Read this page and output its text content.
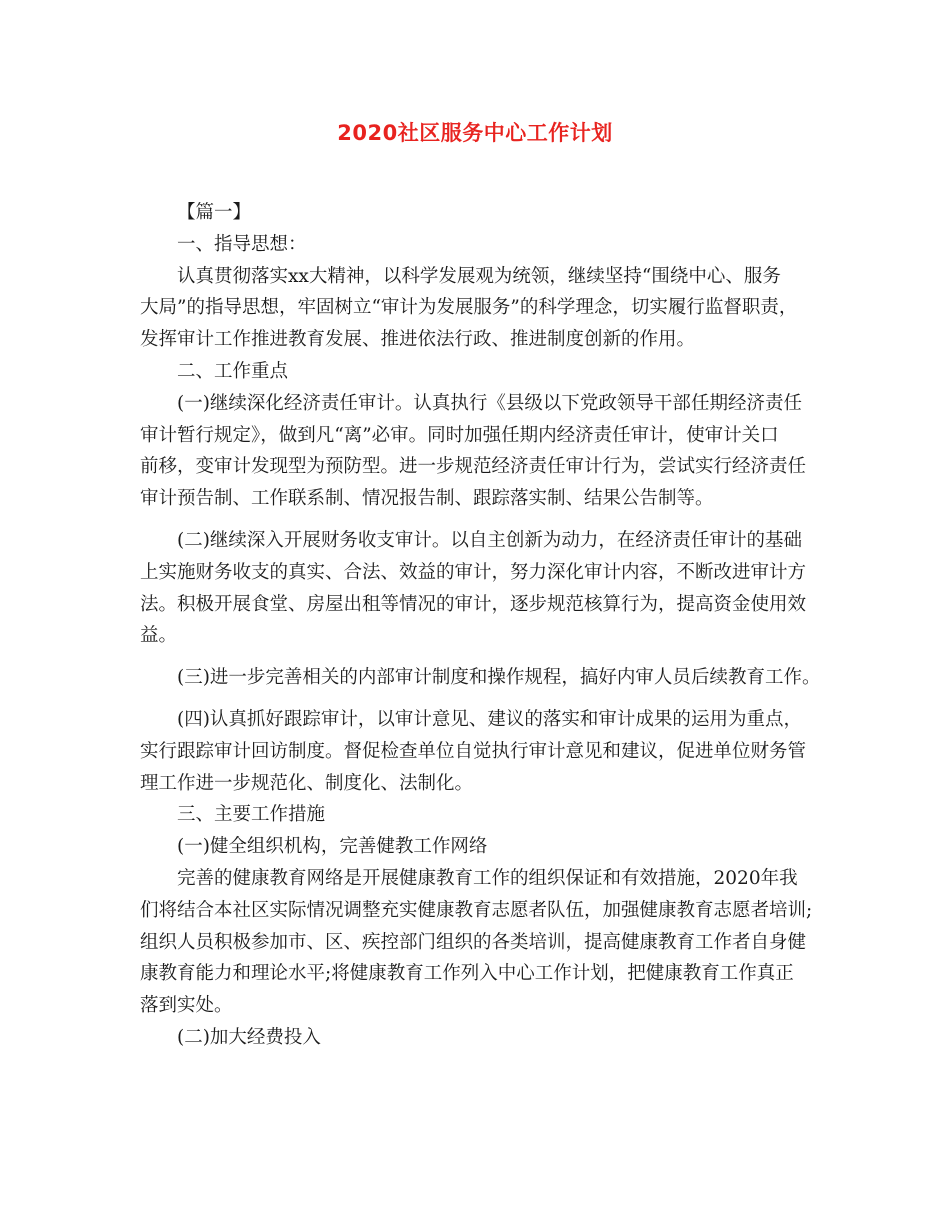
2020社区服务中心工作计划
【篇一】
一、指导思想：
认真贯彻落实xx大精神，以科学发展观为统领，继续坚持“围绕中心、服务
大局”的指导思想，牢固树立“审计为发展服务”的科学理念，切实履行监督职责，
发挥审计工作推进教育发展、推进依法行政、推进制度创新的作用。
二、工作重点
(一)继续深化经济责任审计。认真执行《县级以下党政领导干部任期经济责任
审计暂行规定》，做到凡“离”必审。同时加强任期内经济责任审计，使审计关口
前移，变审计发现型为预防型。进一步规范经济责任审计行为，尝试实行经济责任
审计预告制、工作联系制、情况报告制、跟踪落实制、结果公告制等。
(二)继续深入开展财务收支审计。以自主创新为动力，在经济责任审计的基础
上实施财务收支的真实、合法、效益的审计，努力深化审计内容，不断改进审计方
法。积极开展食堂、房屋出租等情况的审计，逐步规范核算行为，提高资金使用效
益。
(三)进一步完善相关的内部审计制度和操作规程，搞好内审人员后续教育工作。
(四)认真抓好跟踪审计，以审计意见、建议的落实和审计成果的运用为重点，
实行跟踪审计回访制度。督促检查单位自觉执行审计意见和建议，促进单位财务管
理工作进一步规范化、制度化、法制化。
三、主要工作措施
(一)健全组织机构，完善健教工作网络
完善的健康教育网络是开展健康教育工作的组织保证和有效措施，2020年我
们将结合本社区实际情况调整充实健康教育志愿者队伍，加强健康教育志愿者培训;
组织人员积极参加市、区、疾控部门组织的各类培训，提高健康教育工作者自身健
康教育能力和理论水平;将健康教育工作列入中心工作计划，把健康教育工作真正
落到实处。
(二)加大经费投入
